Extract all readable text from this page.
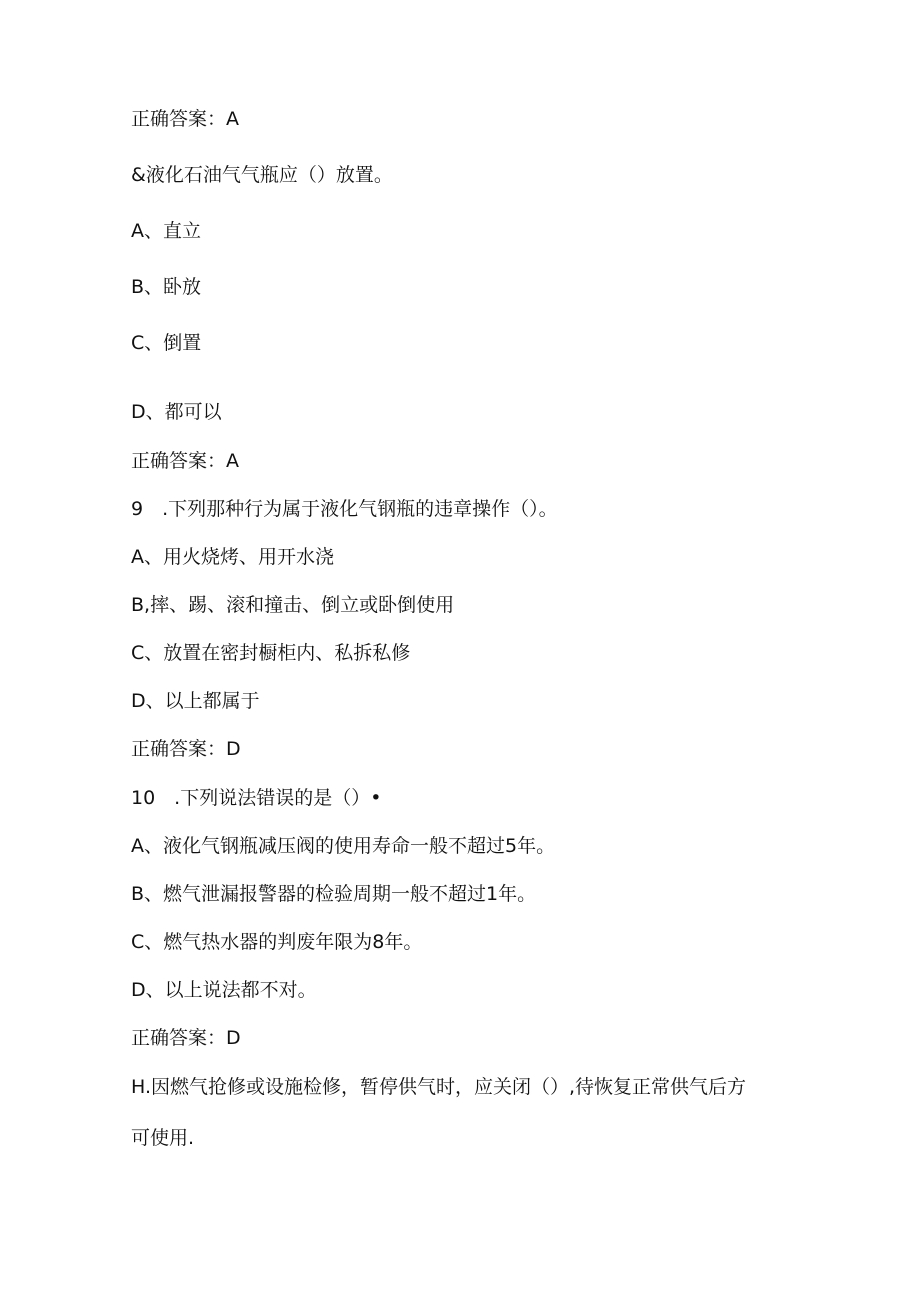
正确答案：A
&液化石油气气瓶应（）放置。
A、直立
B、卧放
C、倒置
D、都可以
正确答案：A
9　.下列那种行为属于液化气钢瓶的违章操作（）。
A、用火烧烤、用开水浇
B,摔、踢、滚和撞击、倒立或卧倒使用
C、放置在密封橱柜内、私拆私修
D、以上都属于
正确答案：D
10　.下列说法错误的是（）•
A、液化气钢瓶减压阀的使用寿命一般不超过5年。
B、燃气泄漏报警器的检验周期一般不超过1年。
C、燃气热水器的判废年限为8年。
D、以上说法都不对。
正确答案：D
H.因燃气抢修或设施检修，暂停供气时，应关闭（）,待恢复正常供气后方
可使用.
